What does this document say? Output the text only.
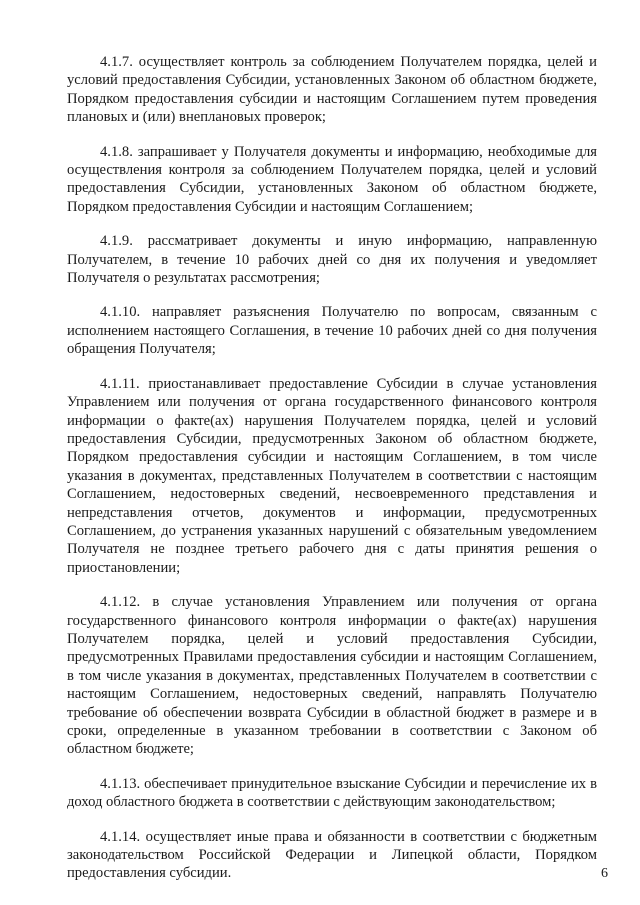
4.1.7. осуществляет контроль за соблюдением Получателем порядка, целей и условий предоставления Субсидии, установленных Законом об областном бюджете, Порядком предоставления субсидии и настоящим Соглашением путем проведения плановых и (или) внеплановых проверок;

4.1.8. запрашивает у Получателя документы и информацию, необходимые для осуществления контроля за соблюдением Получателем порядка, целей и условий предоставления Субсидии, установленных Законом об областном бюджете, Порядком предоставления Субсидии и настоящим Соглашением;

4.1.9. рассматривает документы и иную информацию, направленную Получателем, в течение 10 рабочих дней со дня их получения и уведомляет Получателя о результатах рассмотрения;

4.1.10. направляет разъяснения Получателю по вопросам, связанным с исполнением настоящего Соглашения, в течение 10 рабочих дней со дня получения обращения Получателя;

4.1.11. приостанавливает предоставление Субсидии в случае установления Управлением или получения от органа государственного финансового контроля информации о факте(ах) нарушения Получателем порядка, целей и условий предоставления Субсидии, предусмотренных Законом об областном бюджете, Порядком предоставления субсидии и настоящим Соглашением, в том числе указания в документах, представленных Получателем в соответствии с настоящим Соглашением, недостоверных сведений, несвоевременного представления и непредставления отчетов, документов и информации, предусмотренных Соглашением, до устранения указанных нарушений с обязательным уведомлением Получателя не позднее третьего рабочего дня с даты принятия решения о приостановлении;

4.1.12. в случае установления Управлением или получения от органа государственного финансового контроля информации о факте(ах) нарушения Получателем порядка, целей и условий предоставления Субсидии, предусмотренных Правилами предоставления субсидии и настоящим Соглашением, в том числе указания в документах, представленных Получателем в соответствии с настоящим Соглашением, недостоверных сведений, направлять Получателю требование об обеспечении возврата Субсидии в областной бюджет в размере и в сроки, определенные в указанном требовании в соответствии с Законом об областном бюджете;

4.1.13. обеспечивает принудительное взыскание Субсидии и перечисление их в доход областного бюджета в соответствии с действующим законодательством;

4.1.14. осуществляет иные права и обязанности в соответствии с бюджетным законодательством Российской Федерации и Липецкой области, Порядком предоставления субсидии.	6
